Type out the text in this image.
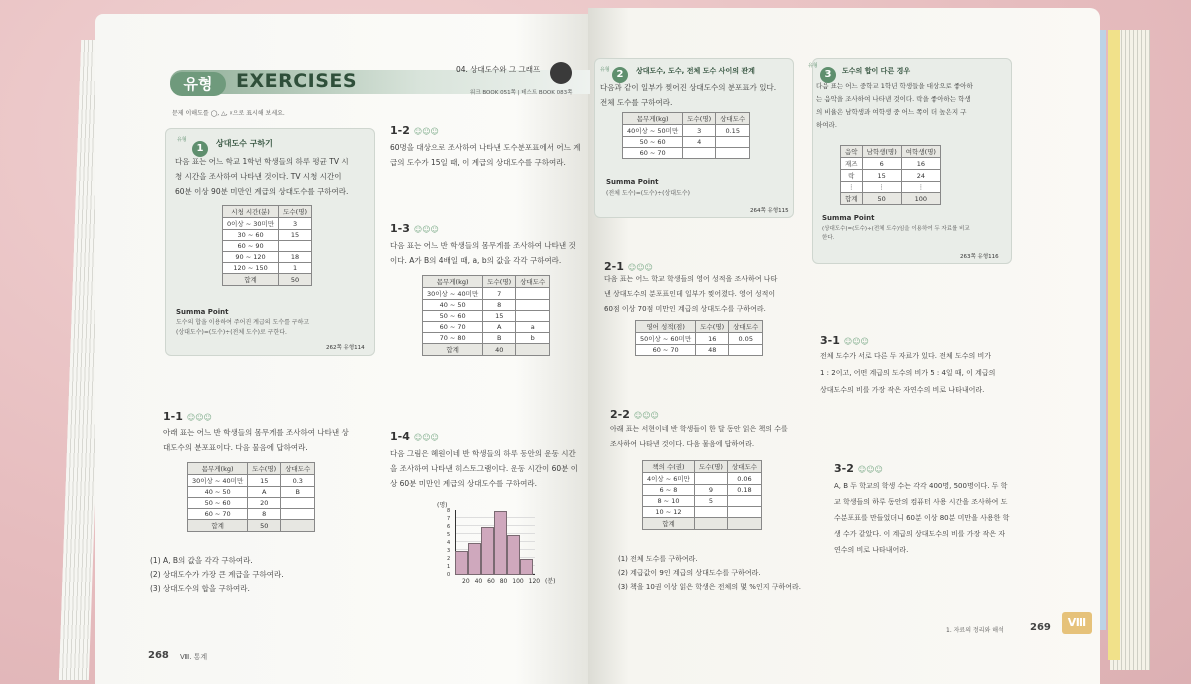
유형	EXERCISES
04. 상대도수와 그 그래프
문제 이해도를 ◯, △, ☓으로 표시해 보세요.
워크 BOOK 051쪽 | 테스트 BOOK 083쪽
유형
1	상대도수 구하기
다음 표는 어느 학교 1학년 학생들의 하루 평균 TV 시
청 시간을 조사하여 나타낸 것이다. TV 시청 시간이
60분 이상 90분 미만인 계급의 상대도수를 구하여라.
시청 시간(분)	도수(명)
0이상 ~ 30미만	3
30 ~ 60	15
60 ~ 90	
90 ~ 120	18
120 ~ 150	1
합계	50
Summa Point
도수의 합을 이용하여 주어진 계급의 도수를 구하고
(상대도수)=(도수)÷(전체 도수)로 구한다.
262쪽 유형114
1-1 ☺☺☺
아래 표는 어느 반 학생들의 몸무게를 조사하여 나타낸 상
대도수의 분포표이다. 다음 물음에 답하여라.
몸무게(kg)	도수(명)	상대도수
30이상 ~ 40미만	15	0.3
40 ~ 50	A	B
50 ~ 60	20	
60 ~ 70	8	
합계	50	
(1) A, B의 값을 각각 구하여라.
(2) 상대도수가 가장 큰 계급을 구하여라.
(3) 상대도수의 합을 구하여라.
1-2 ☺☺☺
60명을 대상으로 조사하여 나타낸 도수분포표에서 어느 계
급의 도수가 15일 때, 이 계급의 상대도수를 구하여라.
1-3 ☺☺☺
다음 표는 어느 반 학생들의 몸무게를 조사하여 나타낸 것
이다. A가 B의 4배일 때, a, b의 값을 각각 구하여라.
몸무게(kg)	도수(명)	상대도수
30이상 ~ 40미만	7	
40 ~ 50	8	
50 ~ 60	15	
60 ~ 70	A	a
70 ~ 80	B	b
합계	40	
1-4 ☺☺☺
다음 그림은 혜원이네 반 학생들의 하루 동안의 운동 시간
을 조사하여 나타낸 히스토그램이다. 운동 시간이 60분 이
상 60분 미만인 계급의 상대도수를 구하여라.
(명)
20 40 60 80 100 120 (분)
8
7
6
5
4
3
2
1
0
268 Ⅷ. 통계
유형 2	상대도수, 도수, 전체 도수 사이의 관계
다음과 같이 일부가 찢어진 상대도수의 분포표가 있다.
전체 도수를 구하여라.
몸무게(kg)	도수(명)	상대도수
40이상 ~ 50미만	3	0.15
50 ~ 60	4	
60 ~ 70		
Summa Point
(전체 도수)=(도수)÷(상대도수)
264쪽 유형115
유형
3	도수의 합이 다른 경우
다음 표는 어느 중학교 1학년 학생들을 대상으로 좋아하
는 음악을 조사하여 나타낸 것이다. 락을 좋아하는 학생
의 비율은 남학생과 여학생 중 어느 쪽이 더 높은지 구
하여라.
음악	남학생(명)	여학생(명)
재즈	6	16
락	15	24
⋮	⋮	⋮
합계	50	100
Summa Point
(상대도수)=(도수)÷(전체 도수)임을 이용하여 두 자료를 비교
한다.
263쪽 유형116
2-1 ☺☺☺
다음 표는 어느 학교 학생들의 영어 성적을 조사하여 나타
낸 상대도수의 분포표인데 일부가 찢어졌다. 영어 성적이
60점 이상 70점 미만인 계급의 상대도수를 구하여라.
영어 성적(점)	도수(명)	상대도수
50이상 ~ 60미만	16	0.05
60 ~ 70	48	
2-2 ☺☺☺
아래 표는 서현이네 반 학생들이 한 달 동안 읽은 책의 수를
조사하여 나타낸 것이다. 다음 물음에 답하여라.
책의 수(권)	도수(명)	상대도수
4이상 ~ 6미만		0.06
6 ~ 8	9	0.18
8 ~ 10	5	
10 ~ 12		
합계		
(1) 전체 도수를 구하여라.
(2) 계급값이 9인 계급의 상대도수를 구하여라.
(3) 책을 10권 이상 읽은 학생은 전체의 몇 %인지 구하여라.
3-1 ☺☺☺
전체 도수가 서로 다른 두 자료가 있다. 전체 도수의 비가
1 : 2이고, 어떤 계급의 도수의 비가 5 : 4일 때, 이 계급의
상대도수의 비를 가장 작은 자연수의 비로 나타내어라.
3-2 ☺☺☺
A, B 두 학교의 학생 수는 각각 400명, 500명이다. 두 학
교 학생들의 하루 동안의 컴퓨터 사용 시간을 조사하여 도
수분포표를 만들었더니 60분 이상 80분 미만을 사용한 학
생 수가 같았다. 이 계급의 상대도수의 비를 가장 작은 자
연수의 비로 나타내어라.
1. 자료의 정리와 해석	269	Ⅷ
